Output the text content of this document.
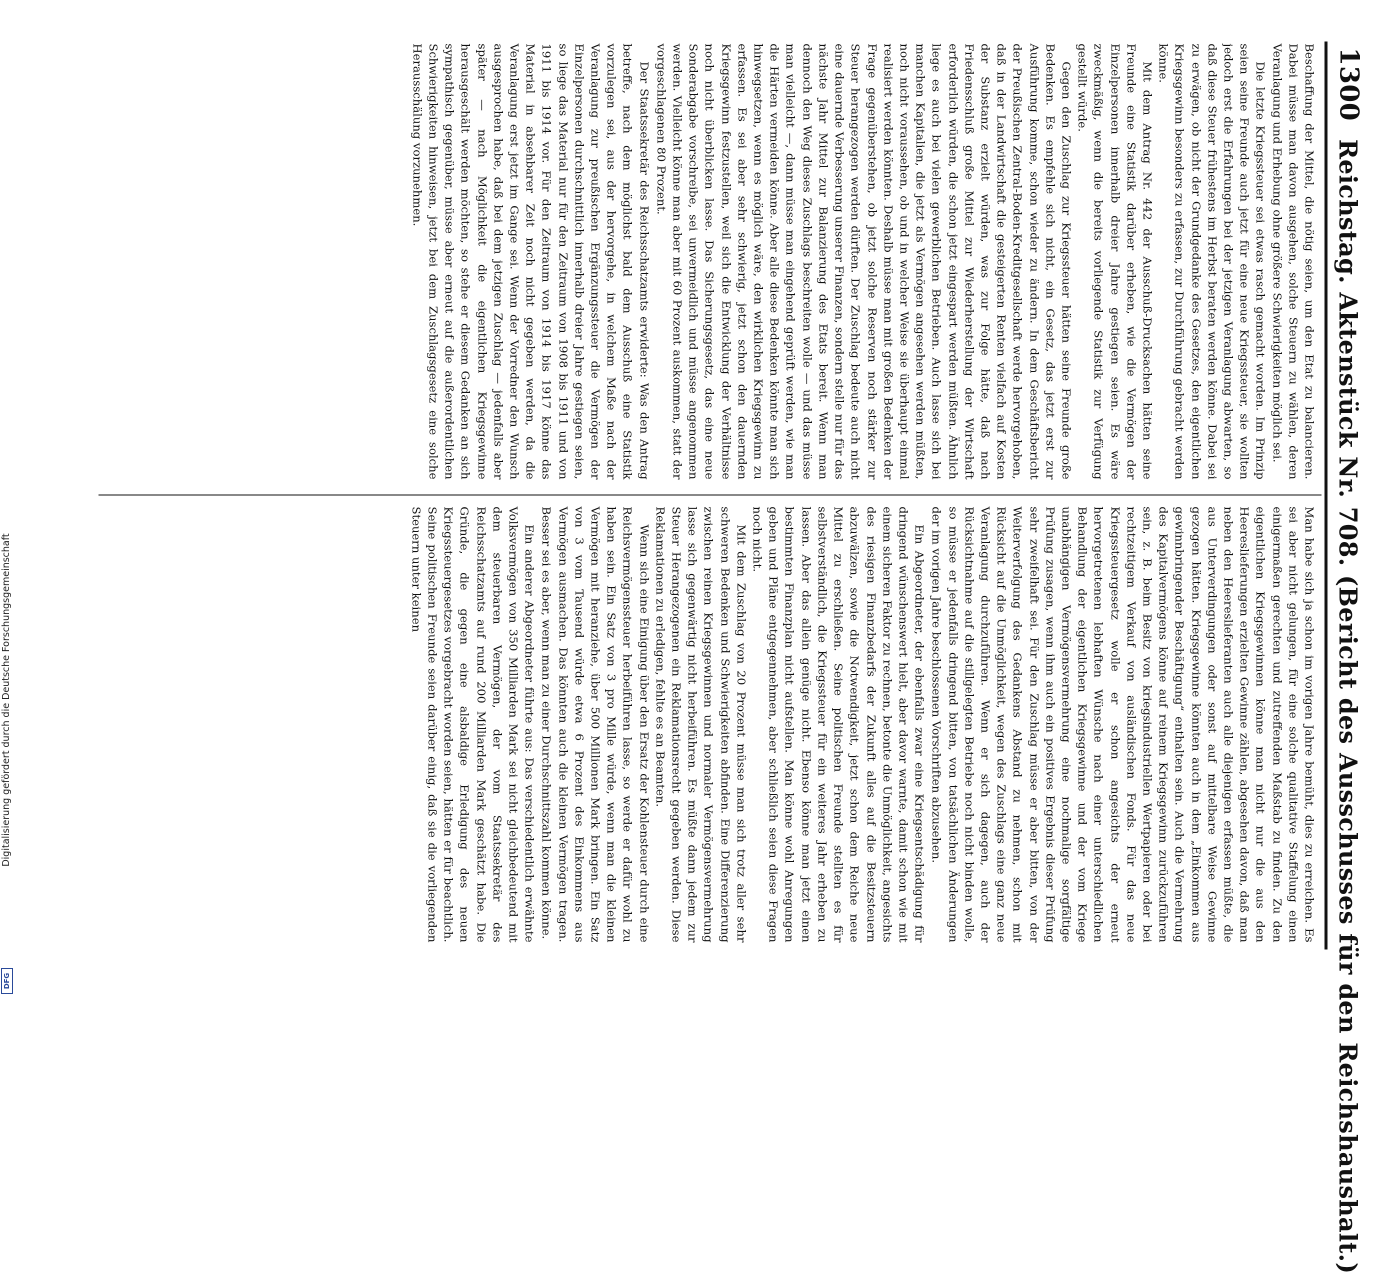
1300
Reichstag. Aktenstück Nr. 708. (Bericht des Ausschusses für den Reichshaushalt.)

Beschaffung der Mittel, die nötig seien, um den Etat zu balancieren. Dabei müsse man davon ausgehen, solche Steuern zu wählen, deren Veranlagung und Erhebung ohne größere Schwierigkeiten möglich sei.

Die letzte Kriegssteuer sei etwas rasch gemacht worden. Im Prinzip seien seine Freunde auch jetzt für eine neue Kriegssteuer, sie wollten jedoch erst die Erfahrungen bei der jetzigen Veranlagung abwarten, so daß diese Steuer frühestens im Herbst beraten werden könne. Dabei sei zu erwägen, ob nicht der Grundgedanke des Gesetzes, den eigentlichen Kriegsgewinn besonders zu erfassen, zur Durchführung gebracht werden könne.

Mit dem Antrag Nr. 442 der Ausschuß-Drucksachen hätten seine Freunde eine Statistik darüber erheben, wie die Vermögen der Einzelpersonen innerhalb dreier Jahre gestiegen seien. Es wäre zweckmäßig, wenn die bereits vorliegende Statistik zur Verfügung gestellt würde.

Gegen den Zuschlag zur Kriegssteuer hätten seine Freunde große Bedenken. Es empfehle sich nicht, ein Gesetz, das jetzt erst zur Ausführung komme, schon wieder zu ändern. In dem Geschäftsbericht der Preußischen Zentral-Boden-Kreditgesellschaft werde hervorgehoben, daß in der Landwirtschaft die gesteigerten Renten vielfach auf Kosten der Substanz erzielt würden, was zur Folge hätte, daß nach Friedensschluß große Mittel zur Wiederherstellung der Wirtschaft erforderlich würden, die schon jetzt eingespart werden müßten. Ähnlich liege es auch bei vielen gewerblichen Betrieben. Auch lasse sich bei manchen Kapitalien, die jetzt als Vermögen angesehen werden müßten, noch nicht voraussehen, ob und in welcher Weise sie überhaupt einmal realisiert werden könnten. Deshalb müsse man mit großen Bedenken der Frage gegenüberstehen, ob jetzt solche Reserven noch stärker zur Steuer herangezogen werden dürften. Der Zuschlag bedeute auch nicht eine dauernde Verbesserung unserer Finanzen, sondern stelle nur für das nächste Jahr Mittel zur Balanzierung des Etats bereit. Wenn man dennoch den Weg dieses Zuschlags beschreiten wolle — und das müsse man vielleicht —, dann müsse man eingehend geprüft werden, wie man die Härten vermeiden könne. Aber alle diese Bedenken könnte man sich hinwegsetzen, wenn es möglich wäre, den wirklichen Kriegsgewinn zu erfassen. Es sei aber sehr schwierig, jetzt schon den dauernden Kriegsgewinn festzustellen, weil sich die Entwicklung der Verhältnisse noch nicht überblicken lasse. Das Sicherungsgesetz, das eine neue Sonderabgabe vorschreibe, sei unvermeidlich und müsse angenommen werden. Vielleicht könne man aber mit 60 Prozent auskommen, statt der vorgeschlagenen 80 Prozent.

Der Staatssekretär des Reichsschatzamts erwiderte: Was den Antrag betreffe, nach dem möglichst bald dem Ausschuß eine Statistik vorzulegen sei, aus der hervorgehe, in welchem Maße nach der Veranlagung zur preußischen Ergänzungssteuer die Vermögen der Einzelpersonen durchschnittlich innerhalb dreier Jahre gestiegen seien, so liege das Material nur für den Zeitraum von 1908 bis 1911 und von 1911 bis 1914 vor. Für den Zeitraum von 1914 bis 1917 könne das Material in absehbarer Zeit noch nicht gegeben werden, da die Veranlagung erst jetzt im Gange sei. Wenn der Vorredner den Wunsch ausgesprochen habe, daß bei dem jetzigen Zuschlag — jedenfalls aber später — nach Möglichkeit die eigentlichen Kriegsgewinne herausgeschält werden möchten, so stehe er diesem Gedanken an sich sympathisch gegenüber, müsse aber erneut auf die außerordentlichen Schwierigkeiten hinweisen, jetzt bei dem Zuschlagsgesetz eine solche Herausschälung vorzunehmen.

Man habe sich ja schon im vorigen Jahre bemüht, dies zu erreichen. Es sei aber nicht gelungen, für eine solche qualitative Staffelung einen einigermaßen gerechten und zutreffenden Maßstab zu finden. Zu den eigentlichen Kriegsgewinnen könne man nicht nur die aus den Heereslieferungen erzielten Gewinne zählen, abgesehen davon, daß man neben den Heereslieferanten auch alle diejenigen erfassen müßte, die aus Unterverdingungen oder sonst auf mittelbare Weise Gewinne gezogen hätten. Kriegsgewinne könnten auch in dem „Einkommen aus gewinnbringender Beschäftigung“ enthalten sein. Auch die Vermehrung des Kapitalvermögens könne auf reinem Kriegsgewinn zurückzuführen sein, z. B. beim Besitz von kriegsindustriellen Wertpapieren oder bei rechtzeitigem Verkauf von ausländischen Fonds. Für das neue Kriegssteuergesetz wolle er schon angesichts der erneut hervorgetretenen lebhaften Wünsche nach einer unterschiedlichen Behandlung der eigentlichen Kriegsgewinne und der vom Kriege unabhängigen Vermögensvermehrung eine nochmalige sorgfältige Prüfung zusagen, wenn ihm auch ein positives Ergebnis dieser Prüfung sehr zweifelhaft sei. Für den Zuschlag müsse er aber bitten, von der Weiterverfolgung des Gedankens Abstand zu nehmen, schon mit Rücksicht auf die Unmöglichkeit, wegen des Zuschlags eine ganz neue Veranlagung durchzuführen. Wenn er sich dagegen, auch der Rücksichtnahme auf die stillgelegten Betriebe noch nicht binden wolle, so müsse er jedenfalls dringend bitten, von tatsächlichen Änderungen der im vorigen Jahre beschlossenen Vorschriften abzusehen.

Ein Abgeordneter, der ebenfalls zwar eine Kriegsentschädigung für dringend wünschenswert hielt, aber davor warnte, damit schon wie mit einem sicheren Faktor zu rechnen, betonte die Unmöglichkeit, angesichts des riesigen Finanzbedarfs der Zukunft alles auf die Besitzsteuern abzuwälzen, sowie die Notwendigkeit, jetzt schon dem Reiche neue Mittel zu erschließen. Seine politischen Freunde stellten es für selbstverständlich, die Kriegssteuer für ein weiteres Jahr erheben zu lassen. Aber das allein genüge nicht. Ebenso könne man jetzt einen bestimmten Finanzplan nicht aufstellen. Man könne wohl Anregungen geben und Pläne entgegennehmen, aber schließlich seien diese Fragen noch nicht.

Mit dem Zuschlag von 20 Prozent müsse man sich trotz aller sehr schweren Bedenken und Schwierigkeiten abfinden. Eine Differenzierung zwischen reinen Kriegsgewinnen und normaler Vermögensvermehrung lasse sich gegenwärtig nicht herbeiführen. Es müßte dann jedem zur Steuer Herangezogenen ein Reklamationsrecht gegeben werden. Diese Reklamationen zu erledigen, fehlte es an Beamten.

Wenn sich eine Einigung über den Ersatz der Kohlensteuer durch eine Reichsvermögenssteuer herbeiführen lasse, so werde er dafür wohl zu haben sein. Ein Satz von 3 pro Mille würde, wenn man die kleinen Vermögen mit heranziehe, über 500 Millionen Mark bringen. Ein Satz von 3 vom Tausend würde etwa 6 Prozent des Einkommens aus Vermögen ausmachen. Das könnten auch die kleinen Vermögen tragen. Besser sei es aber, wenn man zu einer Durchschnittszahl kommen könne.

Ein anderer Abgeordneter führte aus: Das verschiedentlich erwähnte Volksvermögen von 350 Milliarden Mark sei nicht gleichbedeutend mit dem steuerbaren Vermögen, der vom Staatssekretär des Reichsschatzamts auf rund 200 Milliarden Mark geschätzt habe. Die Gründe, die gegen eine alsbaldige Erledigung des neuen Kriegssteuergesetzes vorgebracht worden seien, hätten er für beachtlich. Seine politischen Freunde seien darüber einig, daß sie die vorliegenden Steuern unter keinen

Digitalisierung gefördert durch die Deutsche Forschungsgemeinschaft
DFG
